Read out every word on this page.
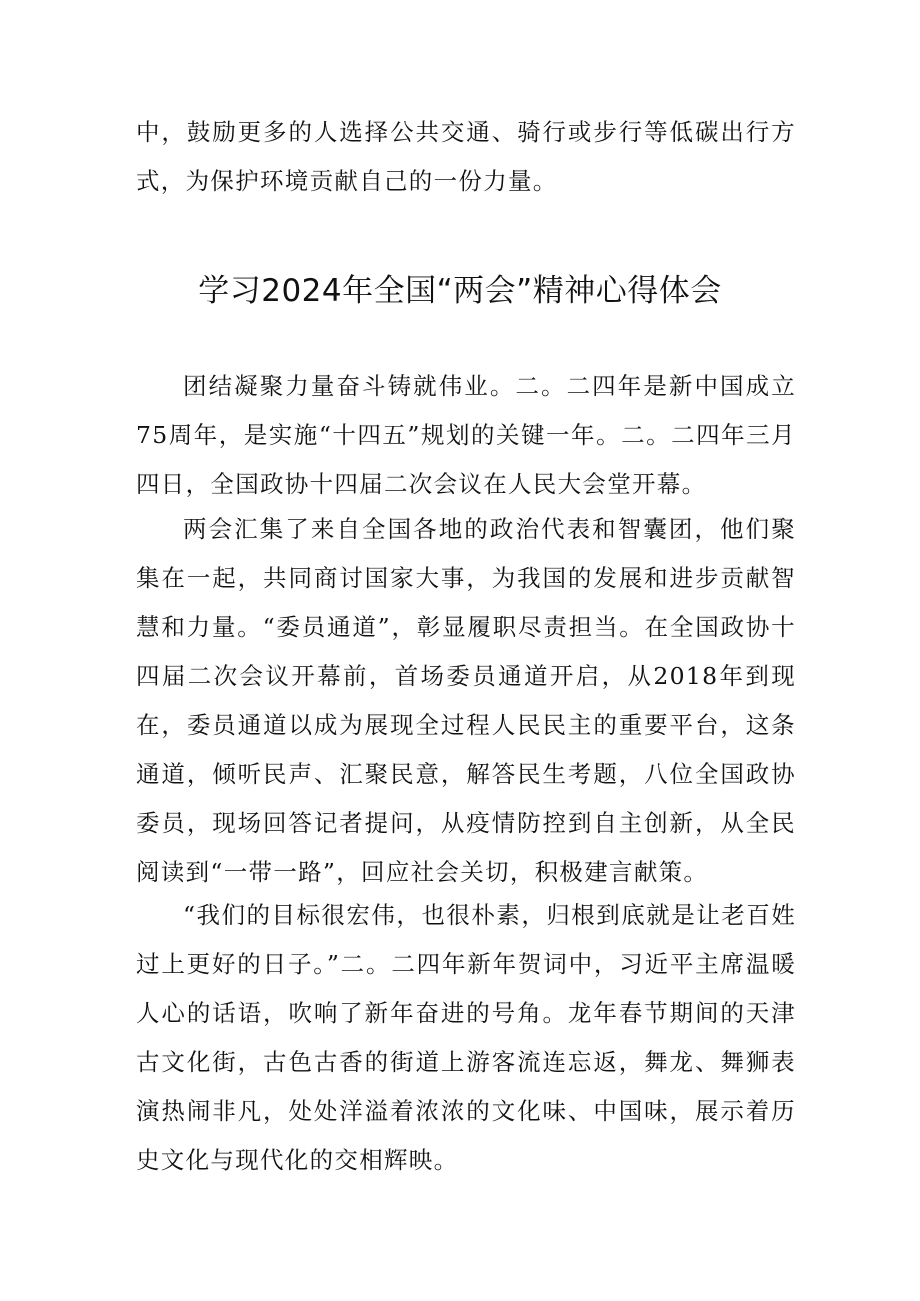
中，鼓励更多的人选择公共交通、骑行或步行等低碳出行方式，为保护环境贡献自己的一份力量。

学习2024年全国“两会”精神心得体会

团结凝聚力量奋斗铸就伟业。二。二四年是新中国成立75周年，是实施“十四五”规划的关键一年。二。二四年三月四日，全国政协十四届二次会议在人民大会堂开幕。

两会汇集了来自全国各地的政治代表和智囊团，他们聚集在一起，共同商讨国家大事，为我国的发展和进步贡献智慧和力量。“委员通道”，彰显履职尽责担当。在全国政协十四届二次会议开幕前，首场委员通道开启，从2018年到现在，委员通道以成为展现全过程人民民主的重要平台，这条通道，倾听民声、汇聚民意，解答民生考题，八位全国政协委员，现场回答记者提问，从疫情防控到自主创新，从全民阅读到“一带一路”，回应社会关切，积极建言献策。

“我们的目标很宏伟，也很朴素，归根到底就是让老百姓过上更好的日子。”二。二四年新年贺词中，习近平主席温暖人心的话语，吹响了新年奋进的号角。龙年春节期间的天津古文化街，古色古香的街道上游客流连忘返，舞龙、舞狮表演热闹非凡，处处洋溢着浓浓的文化味、中国味，展示着历史文化与现代化的交相辉映。
